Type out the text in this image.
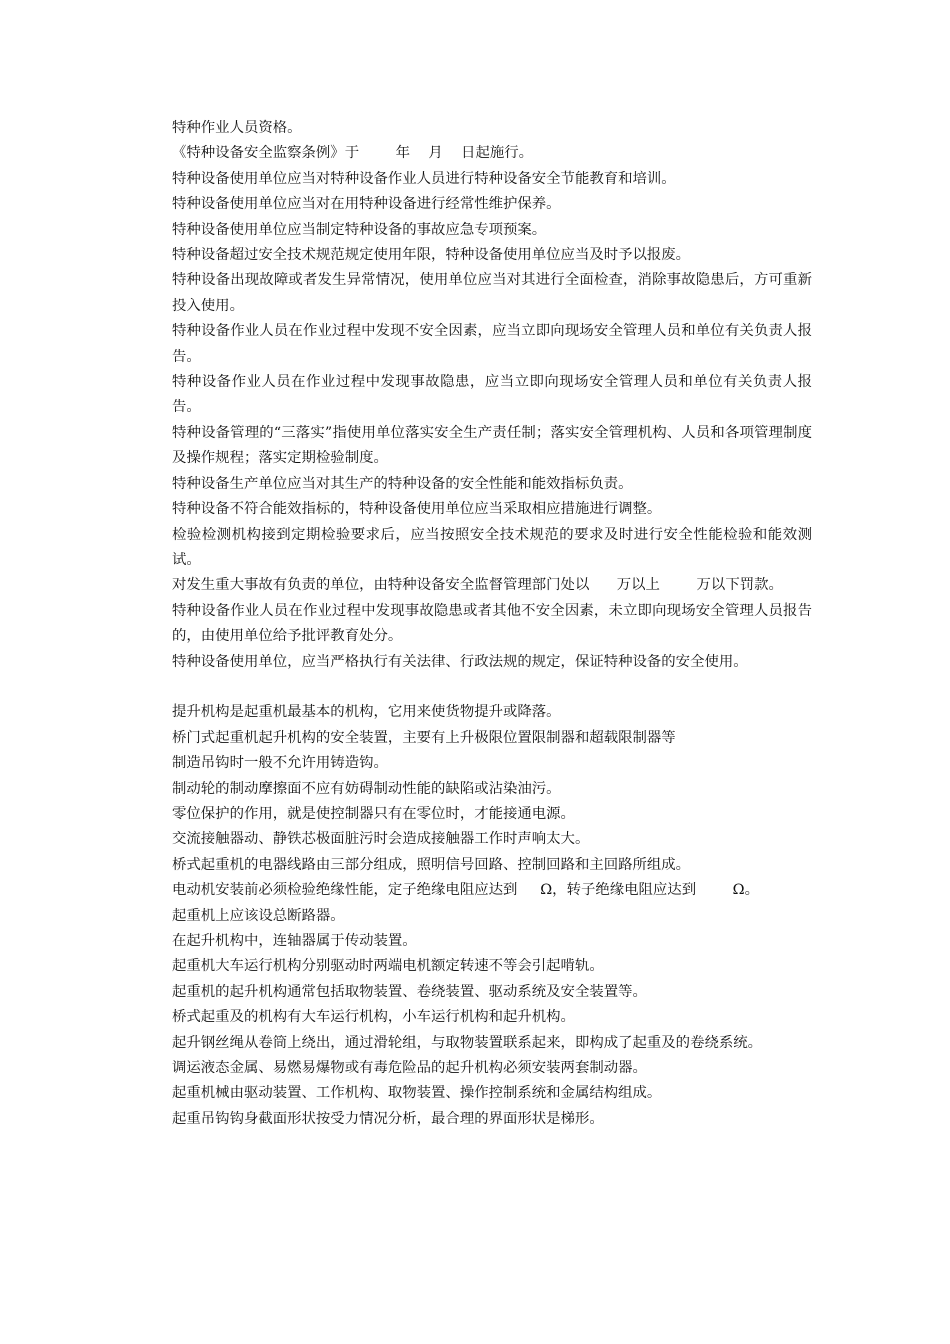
特种作业人员资格。

《特种设备安全监察条例》于        年    月    日起施行。

特种设备使用单位应当对特种设备作业人员进行特种设备安全节能教育和培训。

特种设备使用单位应当对在用特种设备进行经常性维护保养。

特种设备使用单位应当制定特种设备的事故应急专项预案。

特种设备超过安全技术规范规定使用年限，特种设备使用单位应当及时予以报废。

特种设备出现故障或者发生异常情况，使用单位应当对其进行全面检查，消除事故隐患后，方可重新投入使用。

特种设备作业人员在作业过程中发现不安全因素，应当立即向现场安全管理人员和单位有关负责人报告。

特种设备作业人员在作业过程中发现事故隐患，应当立即向现场安全管理人员和单位有关负责人报告。

特种设备管理的“三落实”指使用单位落实安全生产责任制；落实安全管理机构、人员和各项管理制度及操作规程；落实定期检验制度。

特种设备生产单位应当对其生产的特种设备的安全性能和能效指标负责。

特种设备不符合能效指标的，特种设备使用单位应当采取相应措施进行调整。

检验检测机构接到定期检验要求后，应当按照安全技术规范的要求及时进行安全性能检验和能效测试。

对发生重大事故有负责的单位，由特种设备安全监督管理部门处以      万以上        万以下罚款。

特种设备作业人员在作业过程中发现事故隐患或者其他不安全因素，未立即向现场安全管理人员报告的，由使用单位给予批评教育处分。

特种设备使用单位，应当严格执行有关法律、行政法规的规定，保证特种设备的安全使用。

提升机构是起重机最基本的机构，它用来使货物提升或降落。

桥门式起重机起升机构的安全装置，主要有上升极限位置限制器和超载限制器等

制造吊钩时一般不允许用铸造钩。

制动轮的制动摩擦面不应有妨碍制动性能的缺陷或沾染油污。

零位保护的作用，就是使控制器只有在零位时，才能接通电源。

交流接触器动、静铁芯极面脏污时会造成接触器工作时声响太大。

桥式起重机的电器线路由三部分组成，照明信号回路、控制回路和主回路所组成。

电动机安装前必须检验绝缘性能，定子绝缘电阻应达到     Ω，转子绝缘电阻应达到        Ω。

起重机上应该设总断路器。

在起升机构中，连轴器属于传动装置。

起重机大车运行机构分别驱动时两端电机额定转速不等会引起啃轨。

起重机的起升机构通常包括取物装置、卷绕装置、驱动系统及安全装置等。

桥式起重及的机构有大车运行机构，小车运行机构和起升机构。

起升钢丝绳从卷筒上绕出，通过滑轮组，与取物装置联系起来，即构成了起重及的卷绕系统。

调运液态金属、易燃易爆物或有毒危险品的起升机构必须安装两套制动器。

起重机械由驱动装置、工作机构、取物装置、操作控制系统和金属结构组成。

起重吊钩钩身截面形状按受力情况分析，最合理的界面形状是梯形。
